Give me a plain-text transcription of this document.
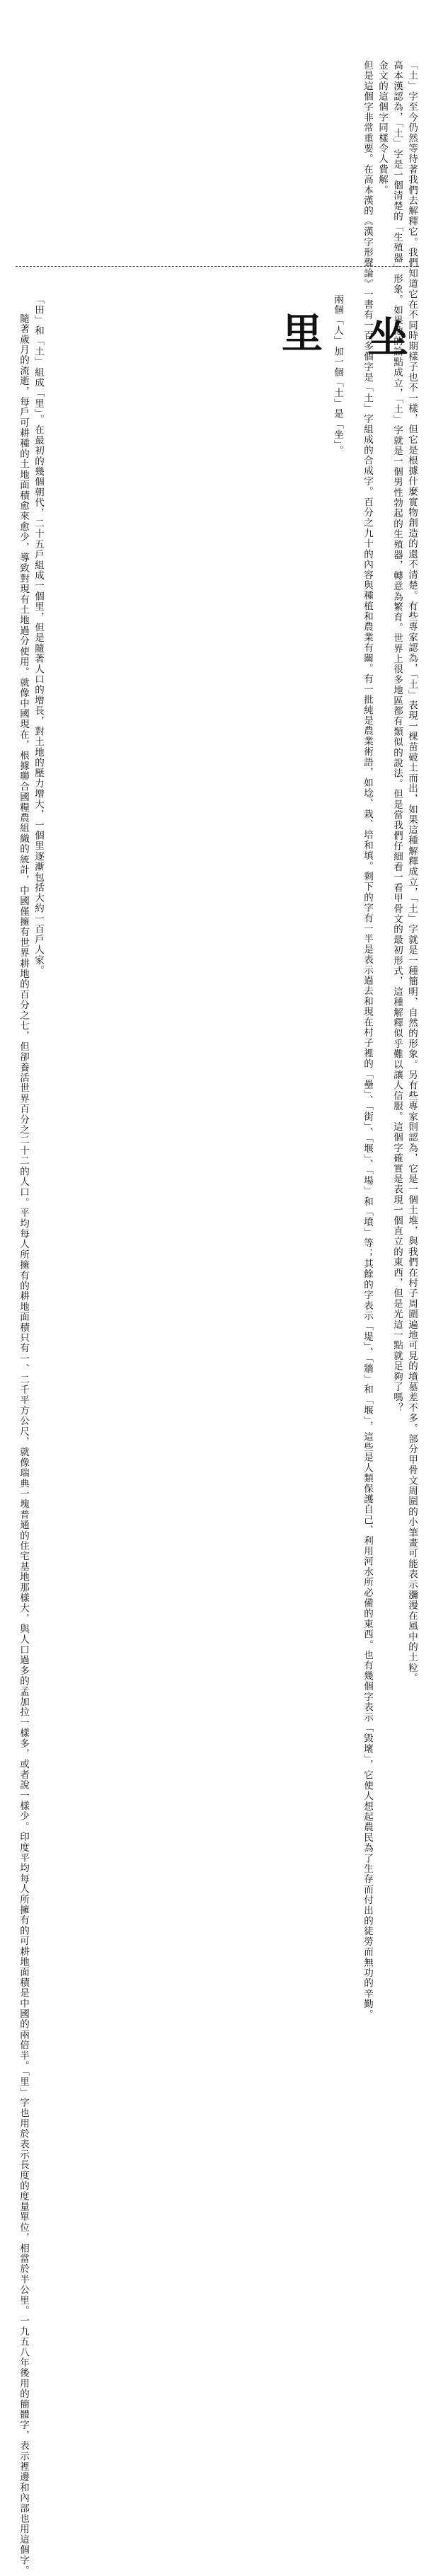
「土」字至今仍然等待著我們去解釋它。我們知道它在不同時期樣子也不一樣，但它是根據什麼實物創造的還不清楚。有些專家認為，「土」表現一棵苗破土而出，如果這種解釋成立，「土」字就是一種簡明、自然的形象。另有些專家則認為，它是一個土堆，與我們在村子周圍遍地可見的墳墓差不多。部分甲骨文周圍的小筆畫可能表示瀰漫在風中的土粒。

高本漢認為，「土」字是一個清楚的「生殖器」形象。如果他的論點成立，「土」字就是一個男性勃起的生殖器，轉意為繁育。世界上很多地區都有類似的說法。但是當我們仔細看一看甲骨文的最初形式，這種解釋似乎難以讓人信服。這個字確實是表現一個直立的東西，但是光這一點就足夠了嗎？

金文的這個字同樣令人費解。

但是這個字非常重要。在高本漢的《漢字形聲論》一書有一百多個字是「土」字組成的合成字。百分之九十的內容與種植和農業有關。有一批純是農業術語，如埝、栽、培和填。剩下的字有一半是表示過去和現在村子裡的「壘」、「街」、「堰」、「場」和「墳」等；其餘的字表示「堤」、「牆」和「堰」，這些是人類保護自己、利用河水所必備的東西。也有幾個字表示「毀壞」，它使人想起農民為了生存而付出的徒勞而無功的辛勤。

坐

兩個「人」加一個「土」是「坐」。

里

「田」和「土」組成「里」。在最初的幾個朝代，二十五戶組成一個里，但是隨著人口的增長，對土地的壓力增大，一個里逐漸包括大約一百戶人家。

隨著歲月的流逝，每戶可耕種的土地面積愈來愈少，導致對現有土地過分使用。就像中國現在，根據聯合國糧農組織的統計，中國僅擁有世界耕地的百分之七，但卻養活世界百分之二十二的人口。平均每人所擁有的耕地面積只有一、二千平方公尺，就像瑞典一塊普通的住宅基地那樣大，與人口過多的孟加拉一樣多，或者說一樣少。印度平均每人所擁有的可耕地面積是中國的兩倍半。「里」字也用於表示長度的度量單位，相當於半公里。一九五八年後用的簡體字，表示裡邊和內部也用這個字。
